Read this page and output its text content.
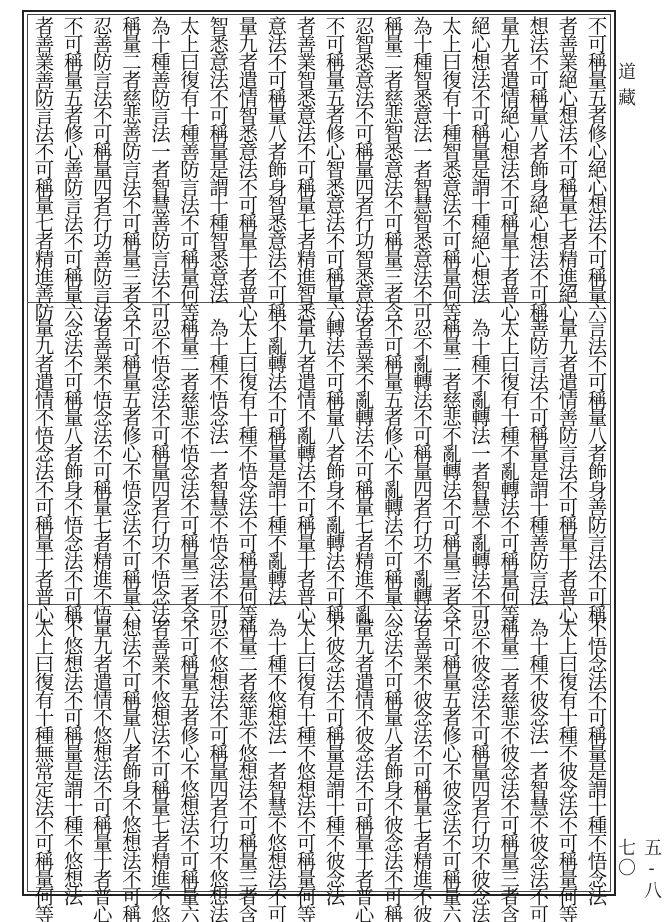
不可稱量五者修心絕心想法不可稱量六
者善業絕心想法不可稱量七者精進絕心
想法不可稱量八者飾身絕心想法不可稱
量九者遣情絕心想法不可稱量十者普心
絕心想法不可稱量是謂十種絕心想法
太上曰復有十種智悉意法不可稱量何等
為十種智悉意法一者智慧智悉意法不可
稱量二者慈悲智悉意法不可稱量三者含
忍智悉意法不可稱量四者行功智悉意法
不可稱量五者修心智悉意法不可稱量六
者善業智悉意法不可稱量七者精進智悉
意法不可稱量八者飾身智悉意法不可稱
量九者遣情智悉意法不可稱量十者普心
智悉意法不可稱量是謂十種智悉意法
太上曰復有十種善防言法不可稱量何等
為十種善防言法一者智慧善防言法不可
稱量二者慈悲善防言法不可稱量三者含
忍善防言法不可稱量四者行功善防言法
不可稱量五者修心善防言法不可稱量六
者善業善防言法不可稱量七者精進善防
言法不可稱量八者飾身善防言法不可稱
量九者遣情善防言法不可稱量十者普心
善防言法不可稱量是謂十種善防言法
太上曰復有十種不亂轉法不可稱量何等
為十種不亂轉法一者智慧不亂轉法不可
稱量二者慈悲不亂轉法不可稱量三者含
忍不亂轉法不可稱量四者行功不亂轉法
不可稱量五者修心不亂轉法不可稱量六
者善業不亂轉法不可稱量七者精進不亂
轉法不可稱量八者飾身不亂轉法不可稱
量九者遣情不亂轉法不可稱量十者普心
不亂轉法不可稱量是謂十種不亂轉法
太上曰復有十種不悟念法不可稱量何等
為十種不悟念法一者智慧不悟念法不可
稱量二者慈悲不悟念法不可稱量三者含
忍不悟念法不可稱量四者行功不悟念法
不可稱量五者修心不悟念法不可稱量六
者善業不悟念法不可稱量七者精進不悟
念法不可稱量八者飾身不悟念法不可稱
量九者遣情不悟念法不可稱量十者普心
不悟念法不可稱量是謂十種不悟念法
太上曰復有十種不彼念法不可稱量何等
為十種不彼念法一者智慧不彼念法不可
稱量二者慈悲不彼念法不可稱量三者含
忍不彼念法不可稱量四者行功不彼念法
不可稱量五者修心不彼念法不可稱量六
者善業不彼念法不可稱量七者精進不彼
念法不可稱量八者飾身不彼念法不可稱
量九者遣情不彼念法不可稱量十者普心
不彼念法不可稱量是謂十種不彼念法
太上曰復有十種不悠想法不可稱量何等
為十種不悠想法一者智慧不悠想法不可
稱量二者慈悲不悠想法不可稱量三者含
忍不悠想法不可稱量四者行功不悠想法
不可稱量五者修心不悠想法不可稱量六
者善業不悠想法不可稱量七者精進不悠
想法不可稱量八者飾身不悠想法不可稱
量九者遣情不悠想法不可稱量十者普心
不悠想法不可稱量是謂十種不悠想法
太上曰復有十種無常定法不可稱量何等
道藏
五-八七〇
